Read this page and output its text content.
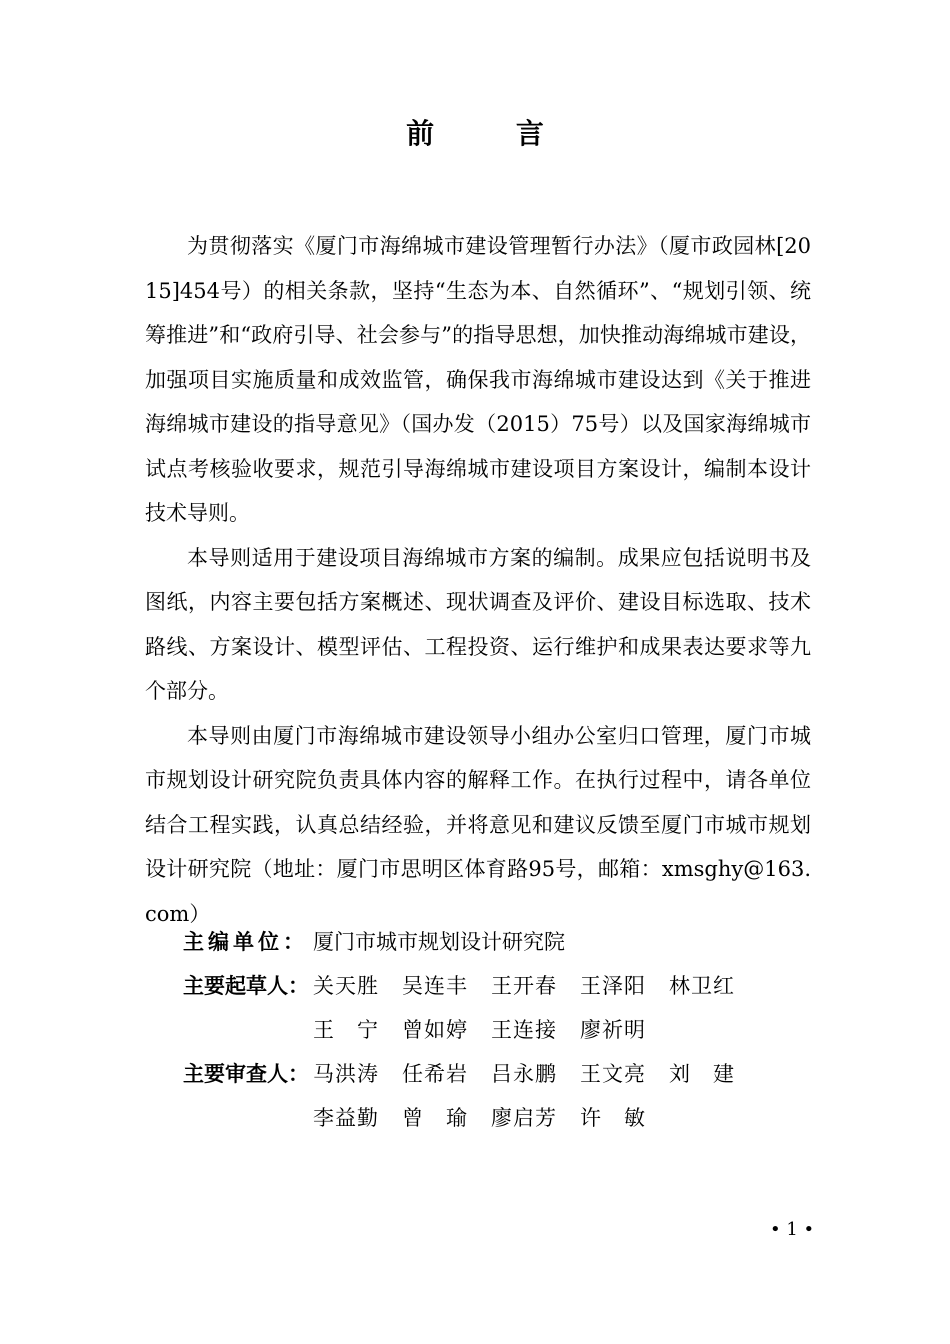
前 言

为贯彻落实《厦门市海绵城市建设管理暂行办法》（厦市政园林[2015]454号）的相关条款，坚持“生态为本、自然循环”、“规划引领、统筹推进”和“政府引导、社会参与”的指导思想，加快推动海绵城市建设，加强项目实施质量和成效监管，确保我市海绵城市建设达到《关于推进海绵城市建设的指导意见》（国办发（2015）75号）以及国家海绵城市试点考核验收要求，规范引导海绵城市建设项目方案设计，编制本设计技术导则。

本导则适用于建设项目海绵城市方案的编制。成果应包括说明书及图纸，内容主要包括方案概述、现状调查及评价、建设目标选取、技术路线、方案设计、模型评估、工程投资、运行维护和成果表达要求等九个部分。

本导则由厦门市海绵城市建设领导小组办公室归口管理，厦门市城市规划设计研究院负责具体内容的解释工作。在执行过程中，请各单位结合工程实践，认真总结经验，并将意见和建议反馈至厦门市城市规划设计研究院（地址：厦门市思明区体育路95号，邮箱：xmsghy@163.com）

主编单位： 厦门市城市规划设计研究院
主要起草人： 关天胜	吴连丰	王开春	王泽阳	林卫红
王　宁	曾如婷	王连接	廖祈明
主要审查人： 马洪涛	任希岩	吕永鹏	王文亮	刘　建
李益勤	曾　瑜	廖启芳	许　敏
• 1 •
